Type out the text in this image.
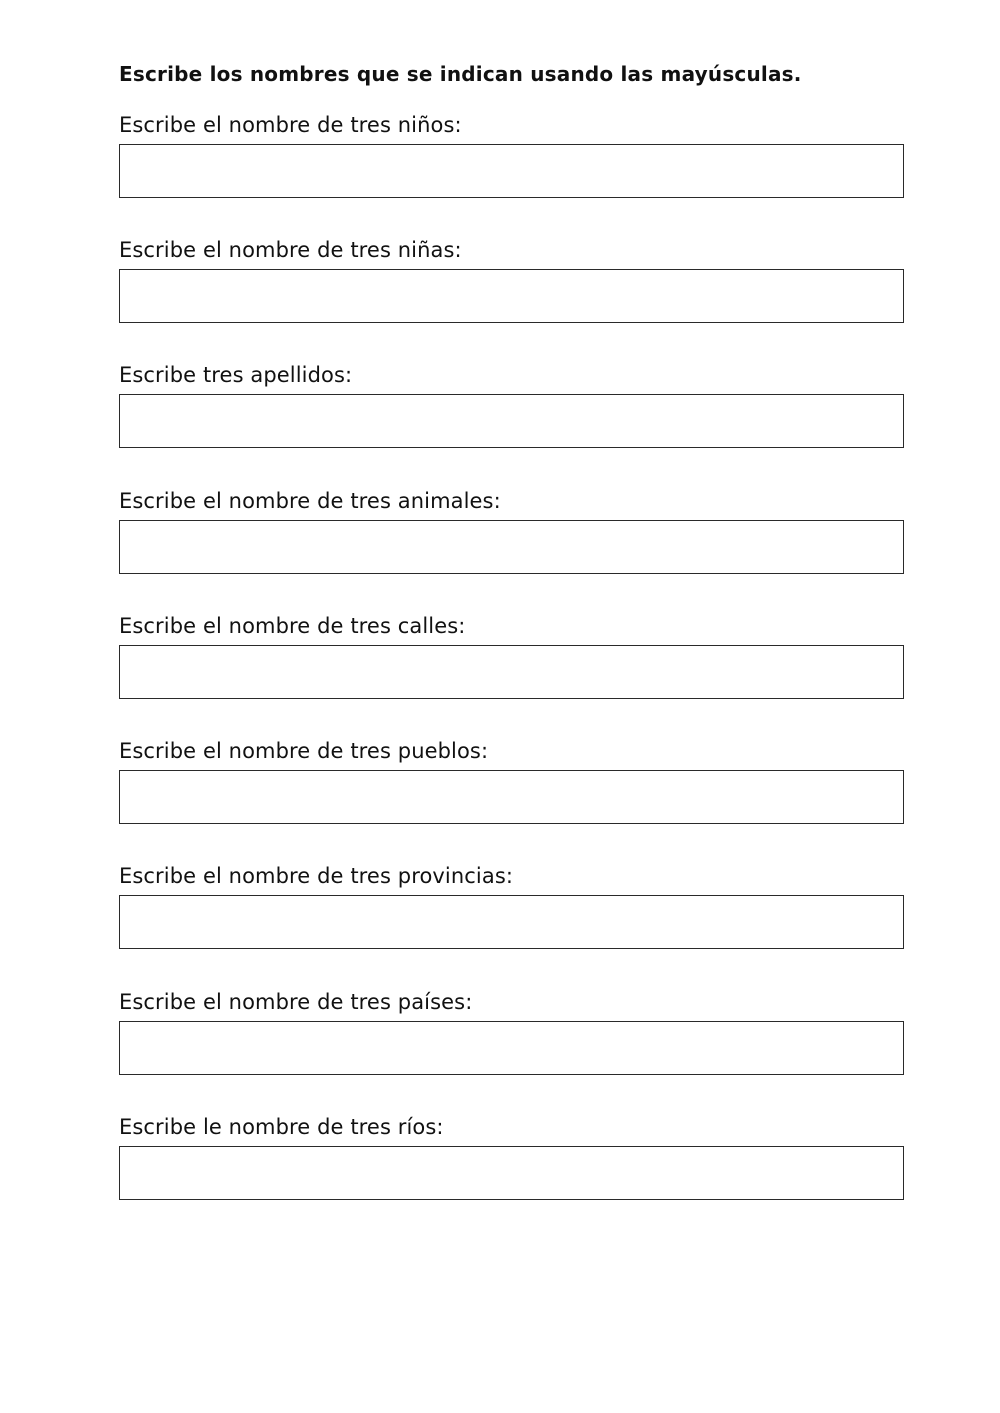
Escribe los nombres que se indican usando las mayúsculas.
Escribe el nombre de tres niños:
Escribe el nombre de tres niñas:
Escribe tres apellidos:
Escribe el nombre de tres animales:
Escribe el nombre de tres calles:
Escribe el nombre de tres pueblos:
Escribe el nombre de tres provincias:
Escribe el nombre de tres países:
Escribe le nombre de tres ríos:
